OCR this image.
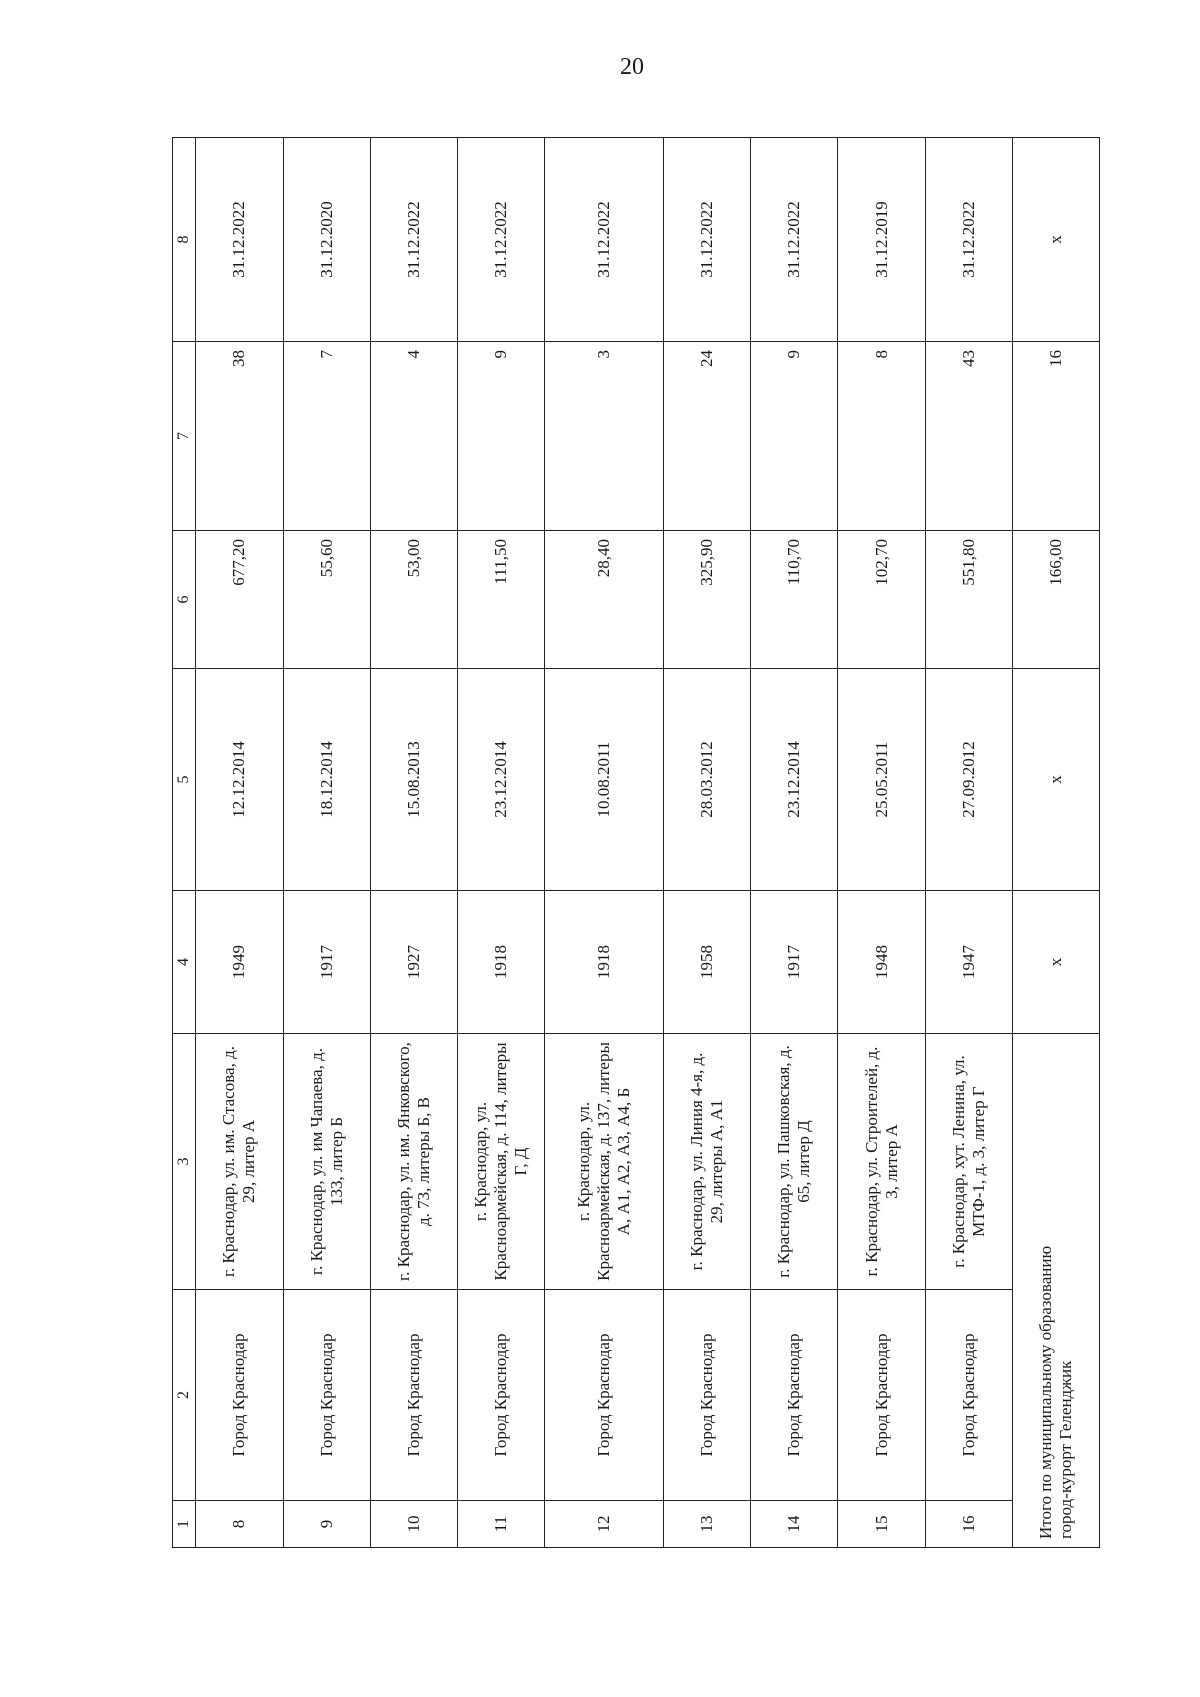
20
1	2	3	4	5	6	7	8
8	Город Краснодар	г. Краснодар, ул. им. Стасова, д. 29, литер А	1949	12.12.2014	677,20	38	31.12.2022
9	Город Краснодар	г. Краснодар, ул. им Чапаева, д. 133, литер Б	1917	18.12.2014	55,60	7	31.12.2020
10	Город Краснодар	г. Краснодар, ул. им. Янковского, д. 73, литеры Б, В	1927	15.08.2013	53,00	4	31.12.2022
11	Город Краснодар	г. Краснодар, ул. Красноармейская, д. 114, литеры Г, Д	1918	23.12.2014	111,50	9	31.12.2022
12	Город Краснодар	г. Краснодар, ул. Красноармейская, д. 137, литеры А, А1, А2, А3, А4, Б	1918	10.08.2011	28,40	3	31.12.2022
13	Город Краснодар	г. Краснодар, ул. Линия 4-я, д. 29, литеры А, А1	1958	28.03.2012	325,90	24	31.12.2022
14	Город Краснодар	г. Краснодар, ул. Пашковская, д. 65, литер Д	1917	23.12.2014	110,70	9	31.12.2022
15	Город Краснодар	г. Краснодар, ул. Строителей, д. 3, литер А	1948	25.05.2011	102,70	8	31.12.2019
16	Город Краснодар	г. Краснодар, хут. Ленина, ул. МТФ-1, д. 3, литер Г	1947	27.09.2012	551,80	43	31.12.2022

Итого по муниципальному образованию город-курорт Геленджик			x	x	166,00	16	x
